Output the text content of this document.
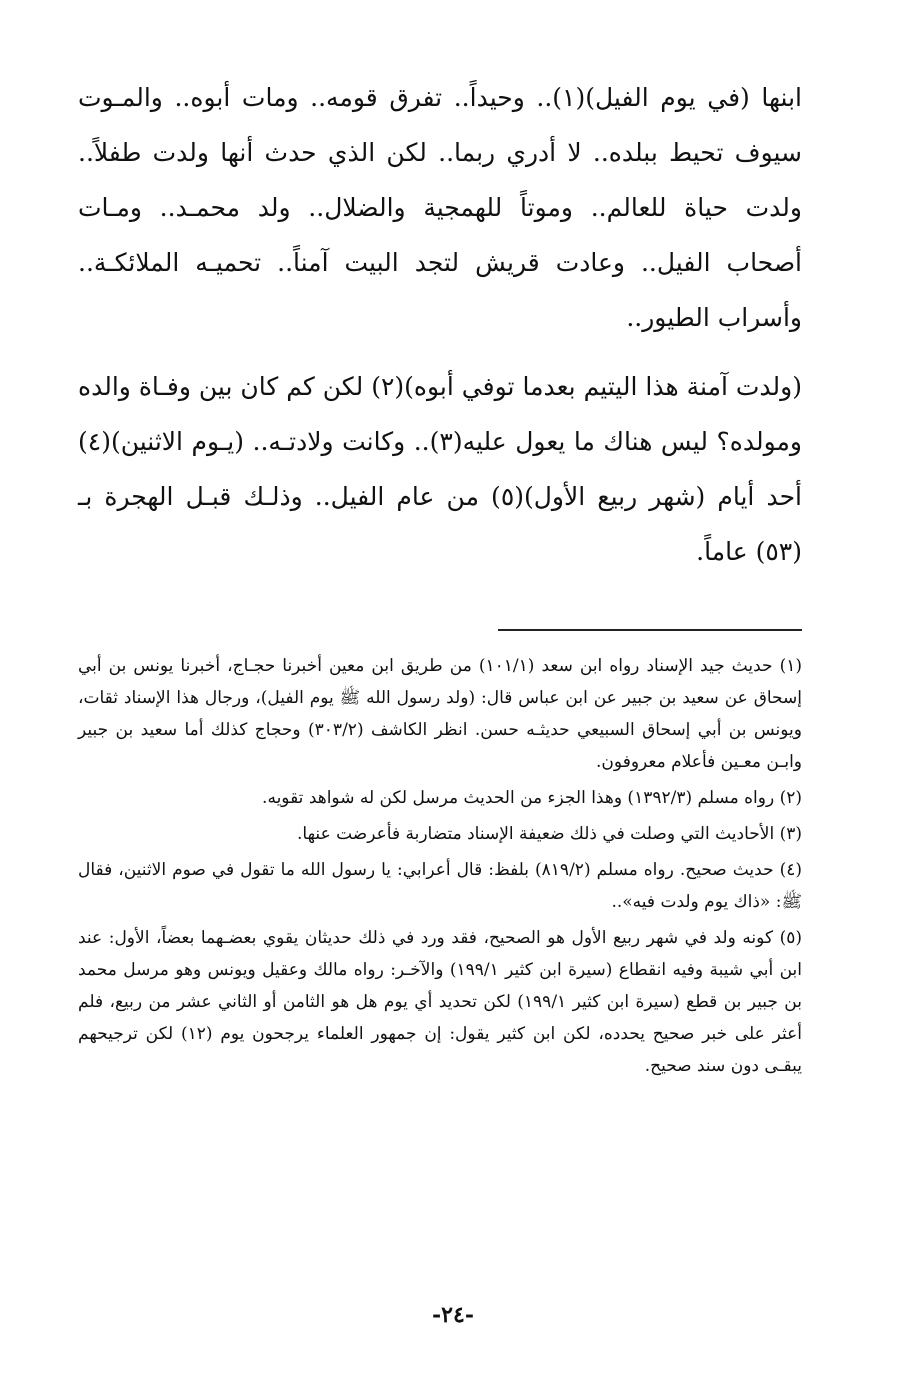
ابنها (في يوم الفيل)(١).. وحيداً.. تفرق قومه.. ومات أبوه.. والمـوت سيوف تحيط ببلده.. لا أدري ربما.. لكن الذي حدث أنها ولدت طفلاً.. ولدت حياة للعالم.. وموتاً للهمجية والضلال.. ولد محمـد.. ومـات أصحاب الفيل.. وعادت قريش لتجد البيت آمناً.. تحميـه الملائكـة.. وأسراب الطيور..

(ولدت آمنة هذا اليتيم بعدما توفي أبوه)(٢) لكن كم كان بين وفـاة والده ومولده؟ ليس هناك ما يعول عليه(٣).. وكانت ولادتـه.. (يـوم الاثنين)(٤) أحد أيام (شهر ربيع الأول)(٥) من عام الفيل.. وذلـك قبـل الهجرة بـ (٥٣) عاماً.

(١) حديث جيد الإسناد رواه ابن سعد (١٠١/١) من طريق ابن معين أخبرنا حجـاج، أخبرنا يونس بن أبي إسحاق عن سعيد بن جبير عن ابن عباس قال: (ولد رسول الله ﷺ يوم الفيل)، ورجال هذا الإسناد ثقات، ويونس بن أبي إسحاق السبيعي حديثـه حسن. انظر الكاشف (٣٠٣/٢) وحجاج كذلك أما سعيد بن جبير وابـن معـين فأعلام معروفون.

(٢) رواه مسلم (١٣٩٢/٣) وهذا الجزء من الحديث مرسل لكن له شواهد تقويه.

(٣) الأحاديث التي وصلت في ذلك ضعيفة الإسناد متضاربة فأعرضت عنها.

(٤) حديث صحيح. رواه مسلم (٨١٩/٢) بلفظ: قال أعرابي: يا رسول الله ما تقول في صوم الاثنين، فقال ﷺ: «ذاك يوم ولدت فيه»..

(٥) كونه ولد في شهر ربيع الأول هو الصحيح، فقد ورد في ذلك حديثان يقوي بعضـهما بعضاً، الأول: عند ابن أبي شيبة وفيه انقطاع (سيرة ابن كثير ١٩٩/١) والآخـر: رواه مالك وعقيل ويونس وهو مرسل محمد بن جبير بن قطع (سيرة ابن كثير ١٩٩/١) لكن تحديد أي يوم هل هو الثامن أو الثاني عشر من ربيع، فلم أعثر على خبر صحيح يحدده، لكن ابن كثير يقول: إن جمهور العلماء يرجحون يوم (١٢) لكن ترجيحهم يبقـى دون سند صحيح.

-٢٤-
